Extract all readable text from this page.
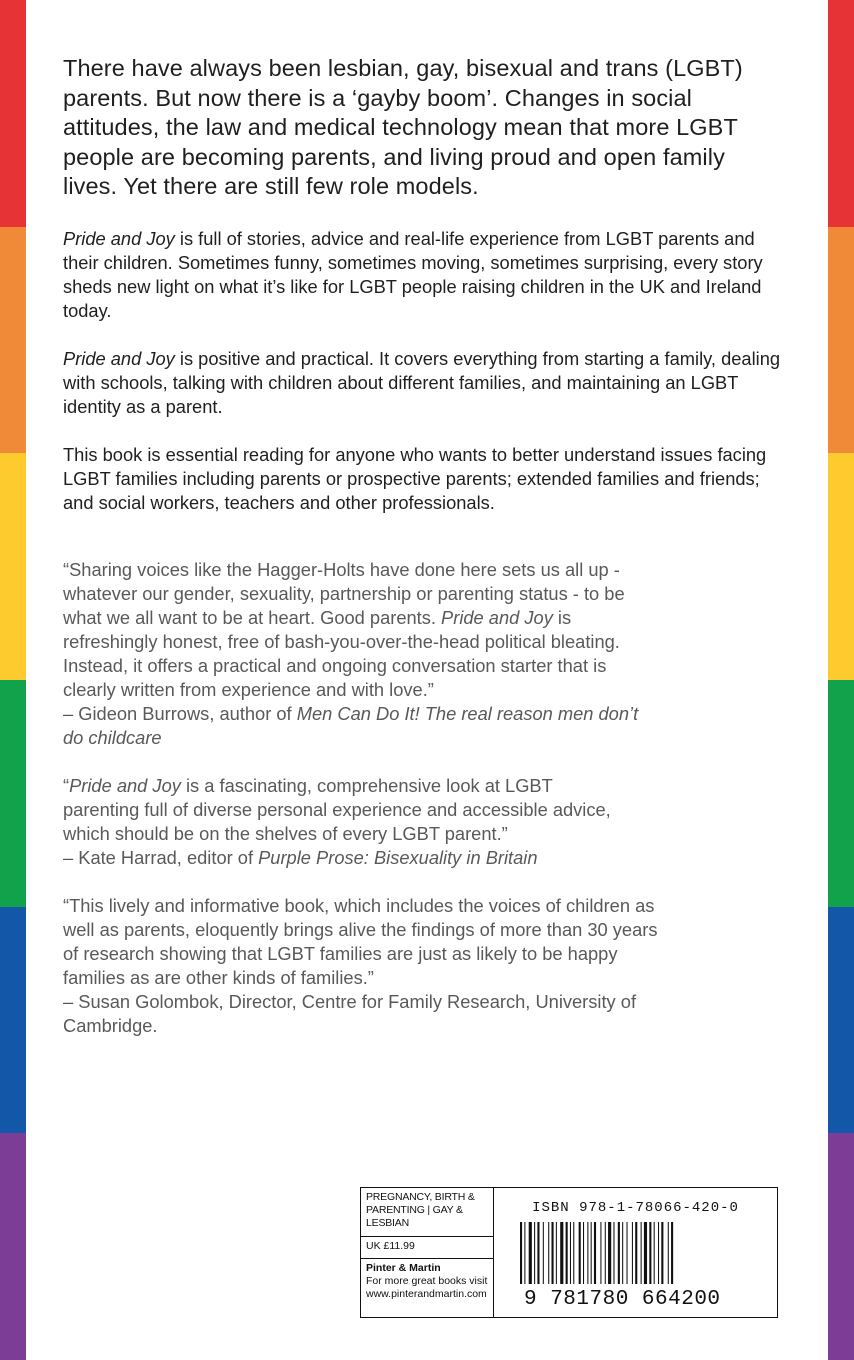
There have always been lesbian, gay, bisexual and trans (LGBT) parents. But now there is a ‘gayby boom’. Changes in social attitudes, the law and medical technology mean that more LGBT people are becoming parents, and living proud and open family lives. Yet there are still few role models.

Pride and Joy is full of stories, advice and real-life experience from LGBT parents and their children. Sometimes funny, sometimes moving, sometimes surprising, every story sheds new light on what it’s like for LGBT people raising children in the UK and Ireland today.

Pride and Joy is positive and practical. It covers everything from starting a family, dealing with schools, talking with children about different families, and maintaining an LGBT identity as a parent.

This book is essential reading for anyone who wants to better understand issues facing LGBT families including parents or prospective parents; extended families and friends; and social workers, teachers and other professionals.

“Sharing voices like the Hagger-Holts have done here sets us all up - whatever our gender, sexuality, partnership or parenting status - to be what we all want to be at heart. Good parents. Pride and Joy is refreshingly honest, free of bash-you-over-the-head political bleating. Instead, it offers a practical and ongoing conversation starter that is clearly written from experience and with love.”
– Gideon Burrows, author of Men Can Do It! The real reason men don’t do childcare

“Pride and Joy is a fascinating, comprehensive look at LGBT parenting full of diverse personal experience and accessible advice, which should be on the shelves of every LGBT parent.”
– Kate Harrad, editor of Purple Prose: Bisexuality in Britain

“This lively and informative book, which includes the voices of children as well as parents, eloquently brings alive the findings of more than 30 years of research showing that LGBT families are just as likely to be happy families as are other kinds of families.”
– Susan Golombok, Director, Centre for Family Research, University of Cambridge.

PREGNANCY, BIRTH & PARENTING | GAY & LESBIAN
UK £11.99
Pinter & Martin
For more great books visit
www.pinterandmartin.com
ISBN 978-1-78066-420-0
9 781780 664200
